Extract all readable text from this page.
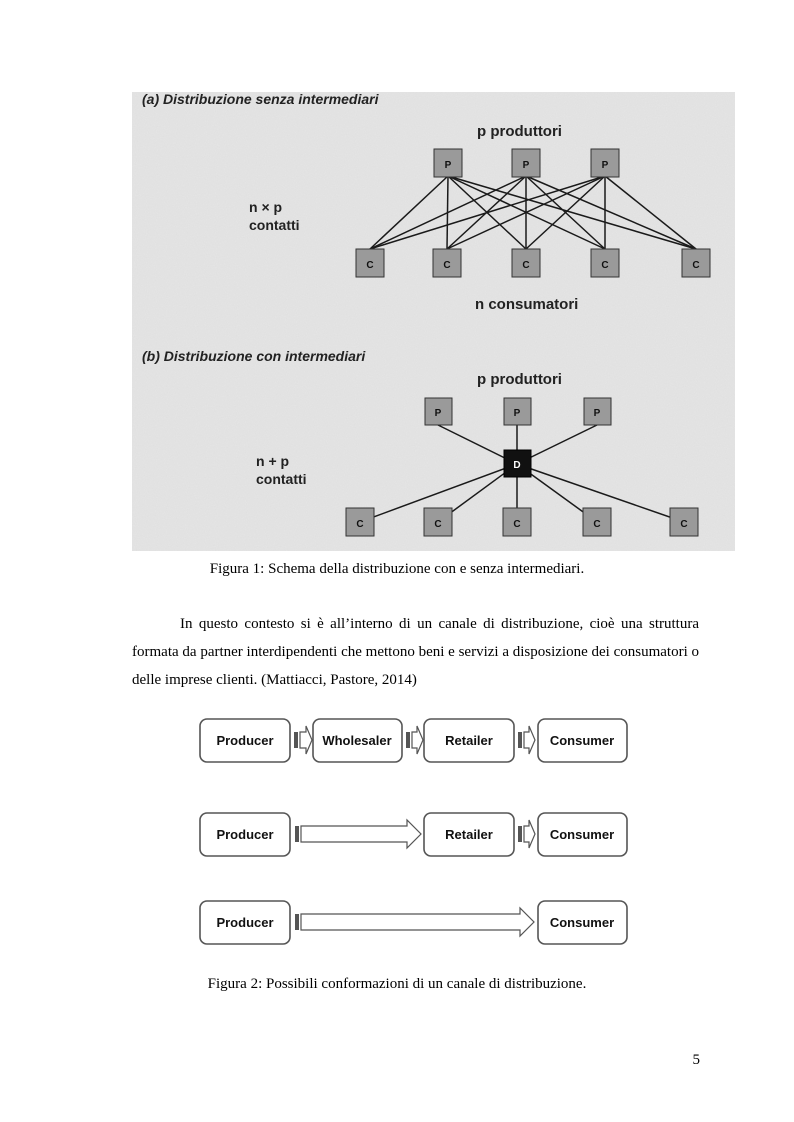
(a) Distribuzione senza intermediari
p produttori
n × p
contatti
n consumatori
P	P	P
C	C	C	C	C
(b) Distribuzione con intermediari
p produttori
n + p
contatti
P	P	P
D
C	C	C	C	C
Figura 1: Schema della distribuzione con e senza intermediari.
In questo contesto si è all’interno di un canale di distribuzione, cioè una struttura formata da partner interdipendenti che mettono beni e servizi a disposizione dei consumatori o delle imprese clienti. (Mattiacci, Pastore, 2014)
Producer	Wholesaler	Retailer	Consumer
Producer	Retailer	Consumer
Producer	Consumer
Figura 2: Possibili conformazioni di un canale di distribuzione.
5
